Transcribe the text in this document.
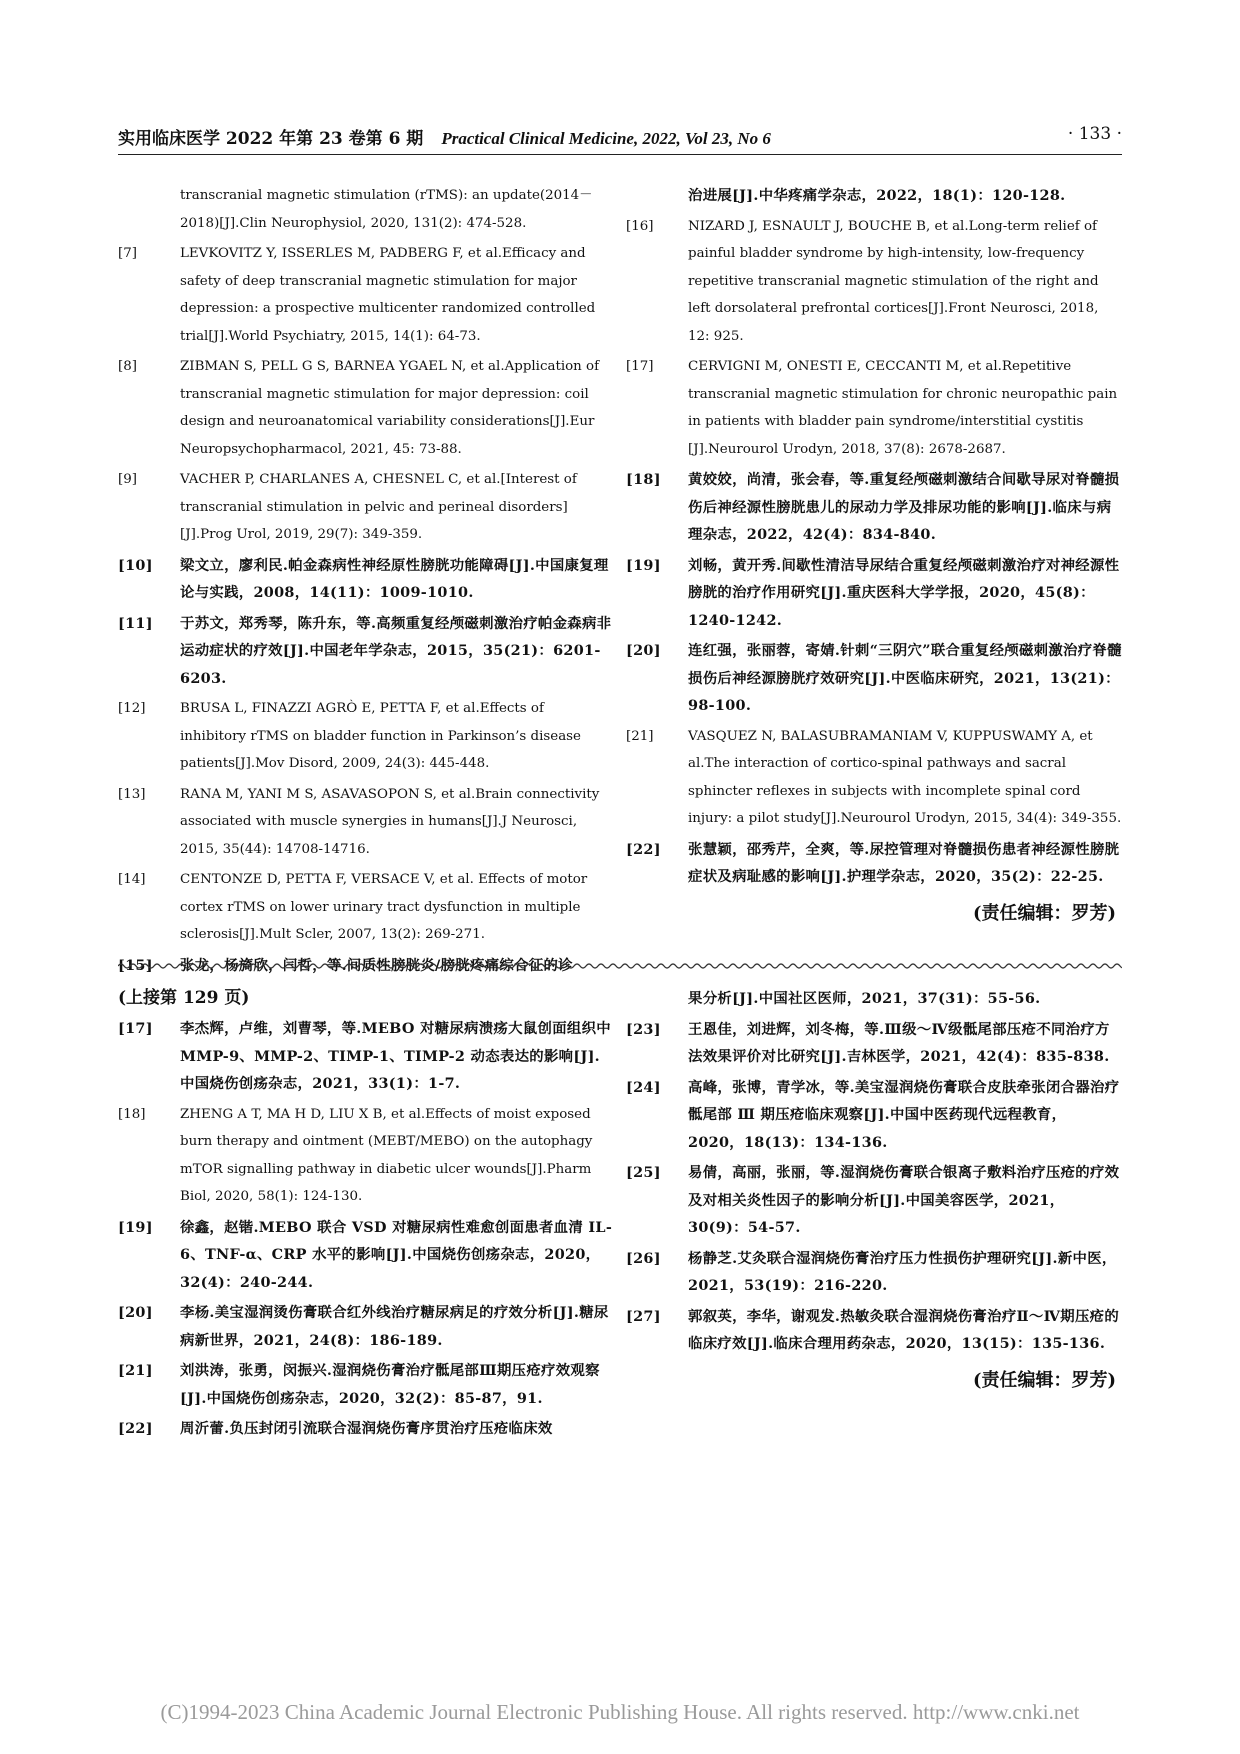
实用临床医学 2022 年第 23 卷第 6 期 Practical Clinical Medicine, 2022, Vol 23, No 6	· 133 ·
transcranial magnetic stimulation (rTMS): an update(2014－2018)[J].Clin Neurophysiol, 2020, 131(2): 474-528.
[7]	LEVKOVITZ Y, ISSERLES M, PADBERG F, et al.Efficacy and safety of deep transcranial magnetic stimulation for major depression: a prospective multicenter randomized controlled trial[J].World Psychiatry, 2015, 14(1): 64-73.
[8]	ZIBMAN S, PELL G S, BARNEA YGAEL N, et al.Application of transcranial magnetic stimulation for major depression: coil design and neuroanatomical variability considerations[J].Eur Neuropsychopharmacol, 2021, 45: 73-88.
[9]	VACHER P, CHARLANES A, CHESNEL C, et al.[Interest of transcranial stimulation in pelvic and perineal disorders][J].Prog Urol, 2019, 29(7): 349-359.
[10] 梁文立，廖利民.帕金森病性神经原性膀胱功能障碍[J].中国康复理论与实践，2008，14(11)：1009-1010.
[11] 于苏文，郑秀琴，陈升东，等.高频重复经颅磁刺激治疗帕金森病非运动症状的疗效[J].中国老年学杂志，2015，35(21)：6201-6203.
[12]	BRUSA L, FINAZZI AGRÒ E, PETTA F, et al.Effects of inhibitory rTMS on bladder function in Parkinson’s disease patients[J].Mov Disord, 2009, 24(3): 445-448.
[13]	RANA M, YANI M S, ASAVASOPON S, et al.Brain connectivity associated with muscle synergies in humans[J].J Neurosci, 2015, 35(44): 14708-14716.
[14]	CENTONZE D, PETTA F, VERSACE V, et al. Effects of motor cortex rTMS on lower urinary tract dysfunction in multiple sclerosis[J].Mult Scler, 2007, 13(2): 269-271.
[15] 张龙，杨旖欣，闫哲，等.间质性膀胱炎/膀胱疼痛综合征的诊
治进展[J].中华疼痛学杂志，2022，18(1)：120-128.
[16]	NIZARD J, ESNAULT J, BOUCHE B, et al.Long-term relief of painful bladder syndrome by high-intensity, low-frequency repetitive transcranial magnetic stimulation of the right and left dorsolateral prefrontal cortices[J].Front Neurosci, 2018, 12: 925.
[17]	CERVIGNI M, ONESTI E, CECCANTI M, et al.Repetitive transcranial magnetic stimulation for chronic neuropathic pain in patients with bladder pain syndrome/interstitial cystitis [J].Neurourol Urodyn, 2018, 37(8): 2678-2687.
[18] 黄姣姣，尚清，张会春，等.重复经颅磁刺激结合间歇导尿对脊髓损伤后神经源性膀胱患儿的尿动力学及排尿功能的影响[J].临床与病理杂志，2022，42(4)：834-840.
[19] 刘畅，黄开秀.间歇性清洁导尿结合重复经颅磁刺激治疗对神经源性膀胱的治疗作用研究[J].重庆医科大学学报，2020，45(8)：1240-1242.
[20] 连红强，张丽蓉，寄婧.针刺“三阴穴”联合重复经颅磁刺激治疗脊髓损伤后神经源膀胱疗效研究[J].中医临床研究，2021，13(21)：98-100.
[21]	VASQUEZ N, BALASUBRAMANIAM V, KUPPUSWAMY A, et al.The interaction of cortico-spinal pathways and sacral sphincter reflexes in subjects with incomplete spinal cord injury: a pilot study[J].Neurourol Urodyn, 2015, 34(4): 349-355.
[22] 张慧颖，邵秀芹，全爽，等.尿控管理对脊髓损伤患者神经源性膀胱症状及病耻感的影响[J].护理学杂志，2020，35(2)：22-25.
(责任编辑：罗芳)
(上接第 129 页)
[17] 李杰辉，卢维，刘曹琴，等.MEBO 对糖尿病溃疡大鼠创面组织中 MMP-9、MMP-2、TIMP-1、TIMP-2 动态表达的影响[J].中国烧伤创疡杂志，2021，33(1)：1-7.
[18]	ZHENG A T, MA H D, LIU X B, et al.Effects of moist exposed burn therapy and ointment (MEBT/MEBO) on the autophagy mTOR signalling pathway in diabetic ulcer wounds[J].Pharm Biol, 2020, 58(1): 124-130.
[19] 徐鑫，赵锴.MEBO 联合 VSD 对糖尿病性难愈创面患者血清 IL-6、TNF-α、CRP 水平的影响[J].中国烧伤创疡杂志，2020，32(4)：240-244.
[20] 李杨.美宝湿润烫伤膏联合红外线治疗糖尿病足的疗效分析[J].糖尿病新世界，2021，24(8)：186-189.
[21] 刘洪涛，张勇，闵振兴.湿润烧伤膏治疗骶尾部Ⅲ期压疮疗效观察[J].中国烧伤创疡杂志，2020，32(2)：85-87，91.
[22] 周沂蕾.负压封闭引流联合湿润烧伤膏序贯治疗压疮临床效
果分析[J].中国社区医师，2021，37(31)：55-56.
[23] 王恩佳，刘进辉，刘冬梅，等.Ⅲ级～Ⅳ级骶尾部压疮不同治疗方法效果评价对比研究[J].吉林医学，2021，42(4)：835-838.
[24] 高峰，张博，青学冰，等.美宝湿润烧伤膏联合皮肤牵张闭合器治疗骶尾部 Ⅲ 期压疮临床观察[J].中国中医药现代远程教育，2020，18(13)：134-136.
[25] 易倩，高丽，张丽，等.湿润烧伤膏联合银离子敷料治疗压疮的疗效及对相关炎性因子的影响分析[J].中国美容医学，2021，30(9)：54-57.
[26] 杨静芝.艾灸联合湿润烧伤膏治疗压力性损伤护理研究[J].新中医，2021，53(19)：216-220.
[27] 郭叙英，李华，谢观发.热敏灸联合湿润烧伤膏治疗Ⅱ～Ⅳ期压疮的临床疗效[J].临床合理用药杂志，2020，13(15)：135-136.
(责任编辑：罗芳)
(C)1994-2023 China Academic Journal Electronic Publishing House. All rights reserved. http://www.cnki.net
